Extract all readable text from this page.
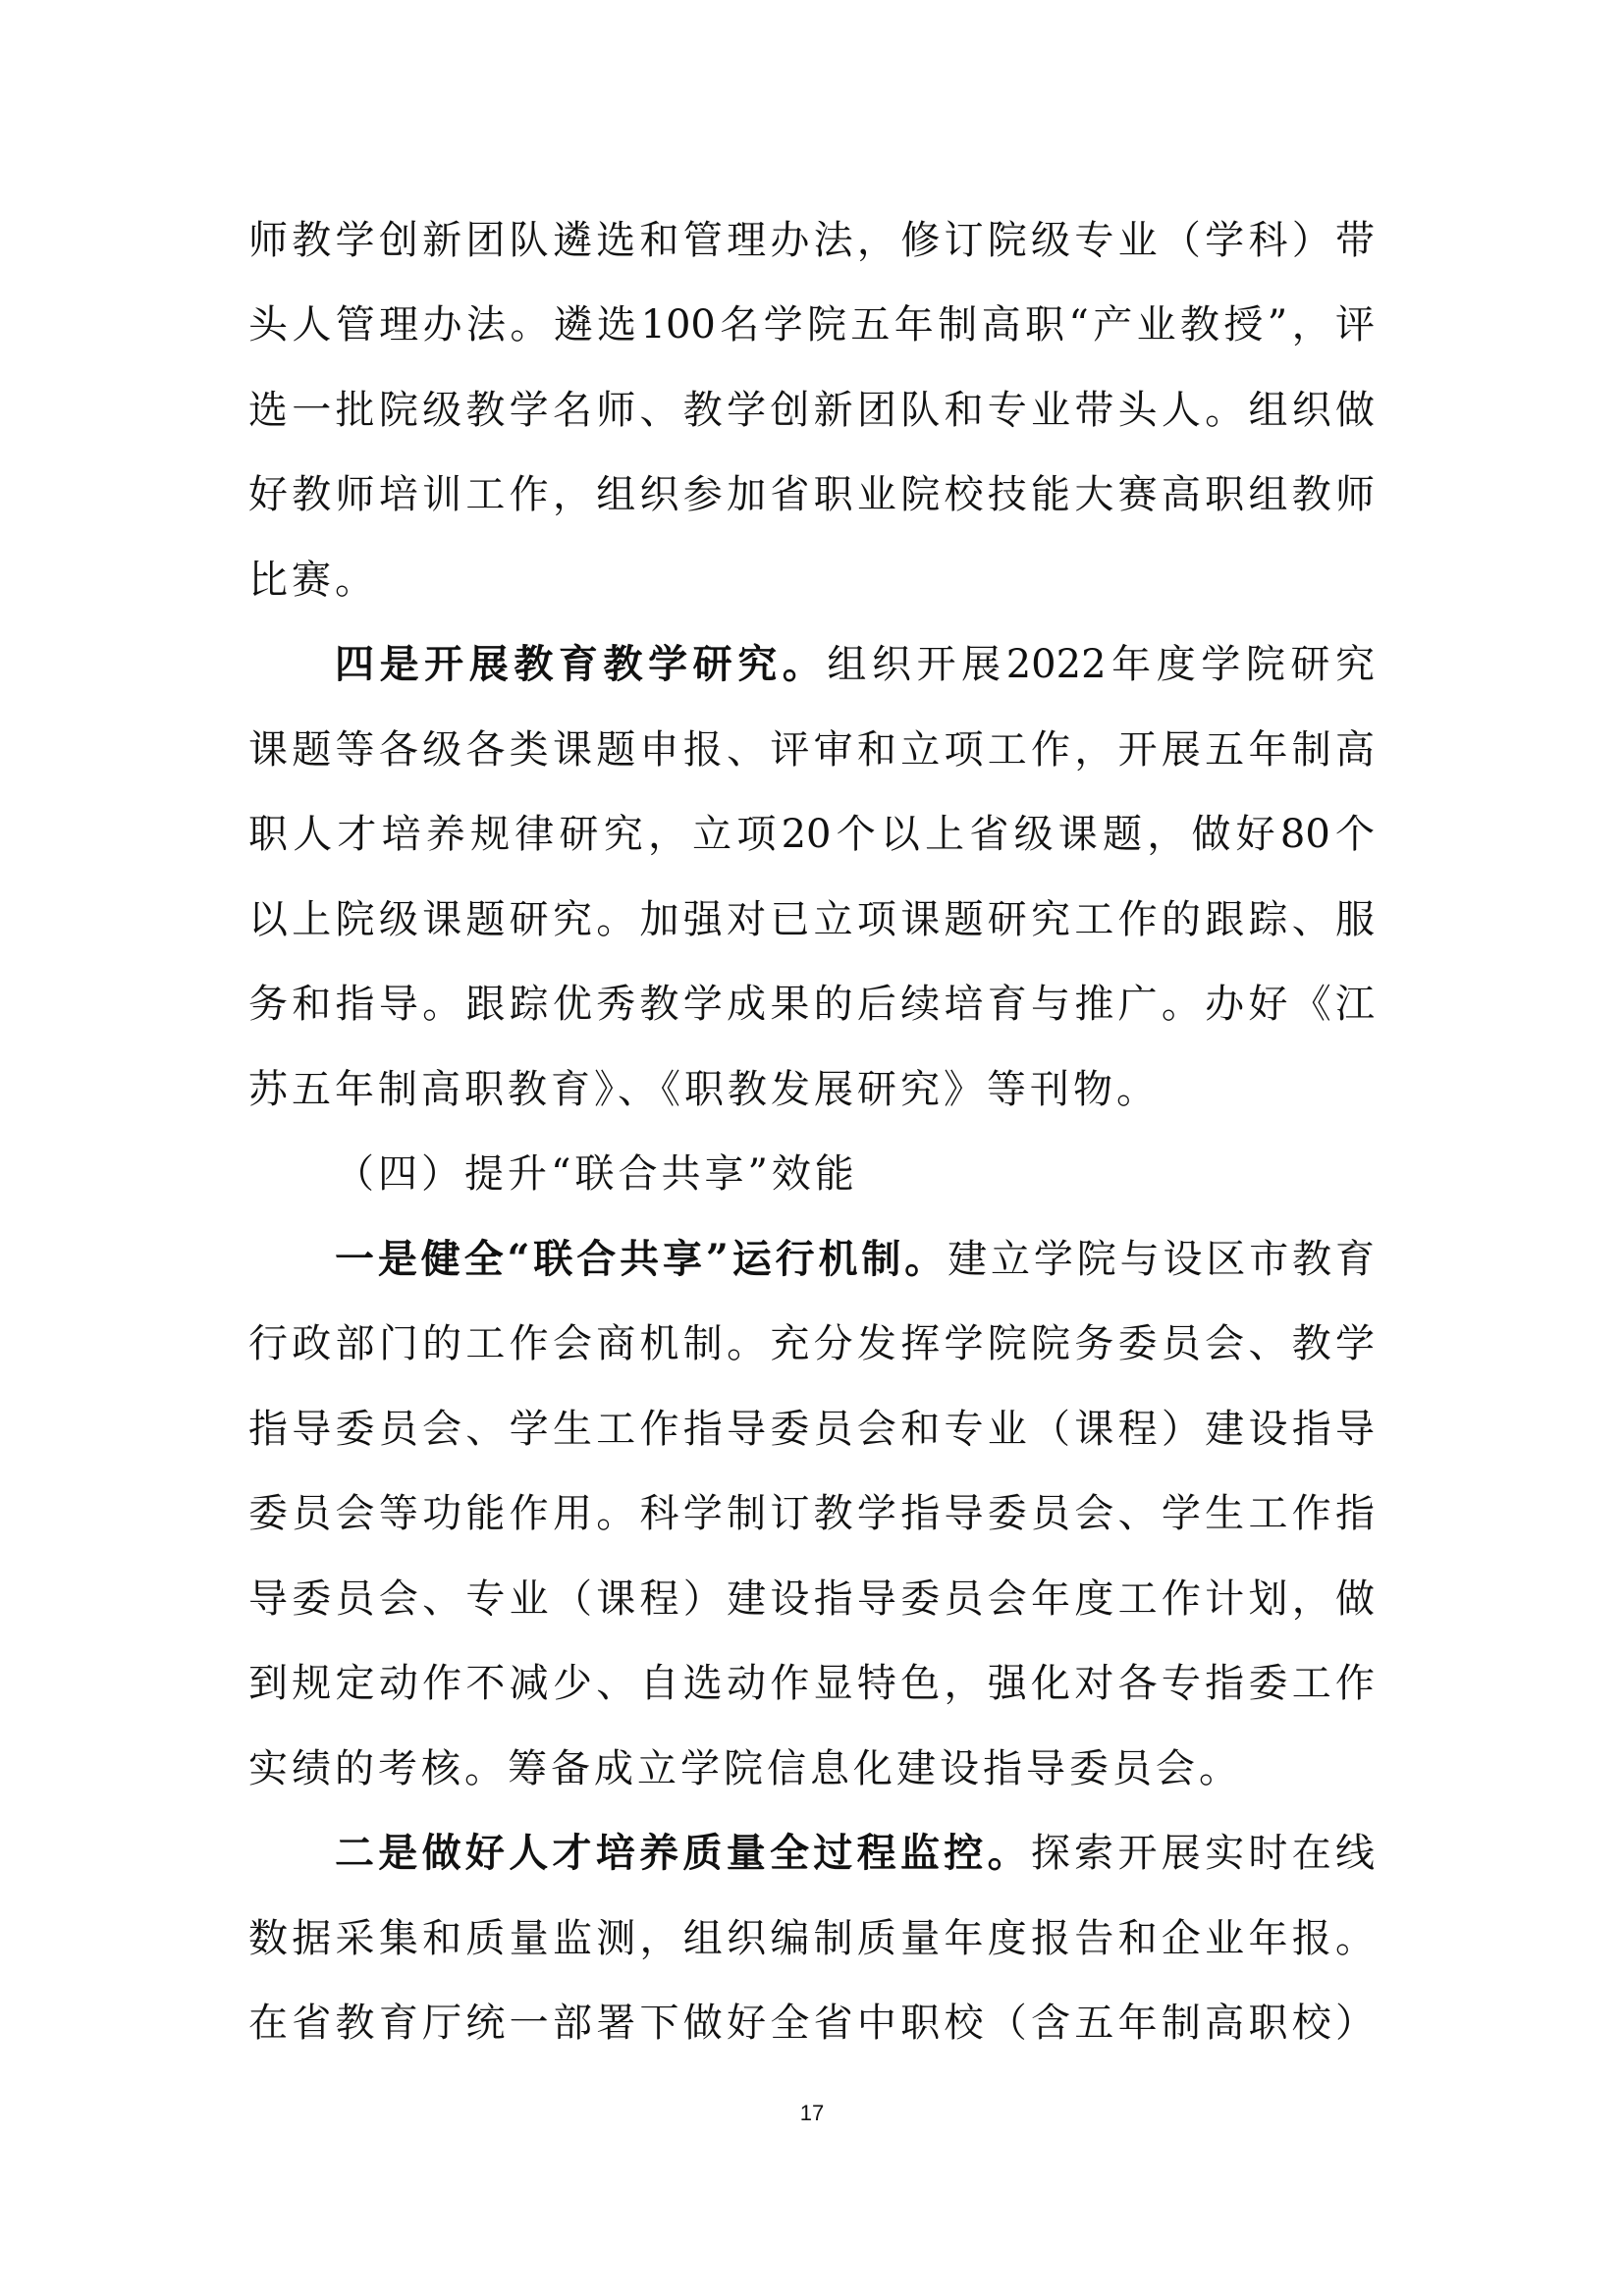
师教学创新团队遴选和管理办法，修订院级专业（学科）带
头人管理办法。遴选100名学院五年制高职“产业教授”，评
选一批院级教学名师、教学创新团队和专业带头人。组织做
好教师培训工作，组织参加省职业院校技能大赛高职组教师
比赛。
四是开展教育教学研究。组织开展2022年度学院研究
课题等各级各类课题申报、评审和立项工作，开展五年制高
职人才培养规律研究，立项20个以上省级课题，做好80个
以上院级课题研究。加强对已立项课题研究工作的跟踪、服
务和指导。跟踪优秀教学成果的后续培育与推广。办好《江
苏五年制高职教育》、《职教发展研究》等刊物。
（四）提升“联合共享”效能
一是健全“联合共享”运行机制。建立学院与设区市教育
行政部门的工作会商机制。充分发挥学院院务委员会、教学
指导委员会、学生工作指导委员会和专业（课程）建设指导
委员会等功能作用。科学制订教学指导委员会、学生工作指
导委员会、专业（课程）建设指导委员会年度工作计划，做
到规定动作不减少、自选动作显特色，强化对各专指委工作
实绩的考核。筹备成立学院信息化建设指导委员会。
二是做好人才培养质量全过程监控。探索开展实时在线
数据采集和质量监测，组织编制质量年度报告和企业年报。
在省教育厅统一部署下做好全省中职校（含五年制高职校）
17
